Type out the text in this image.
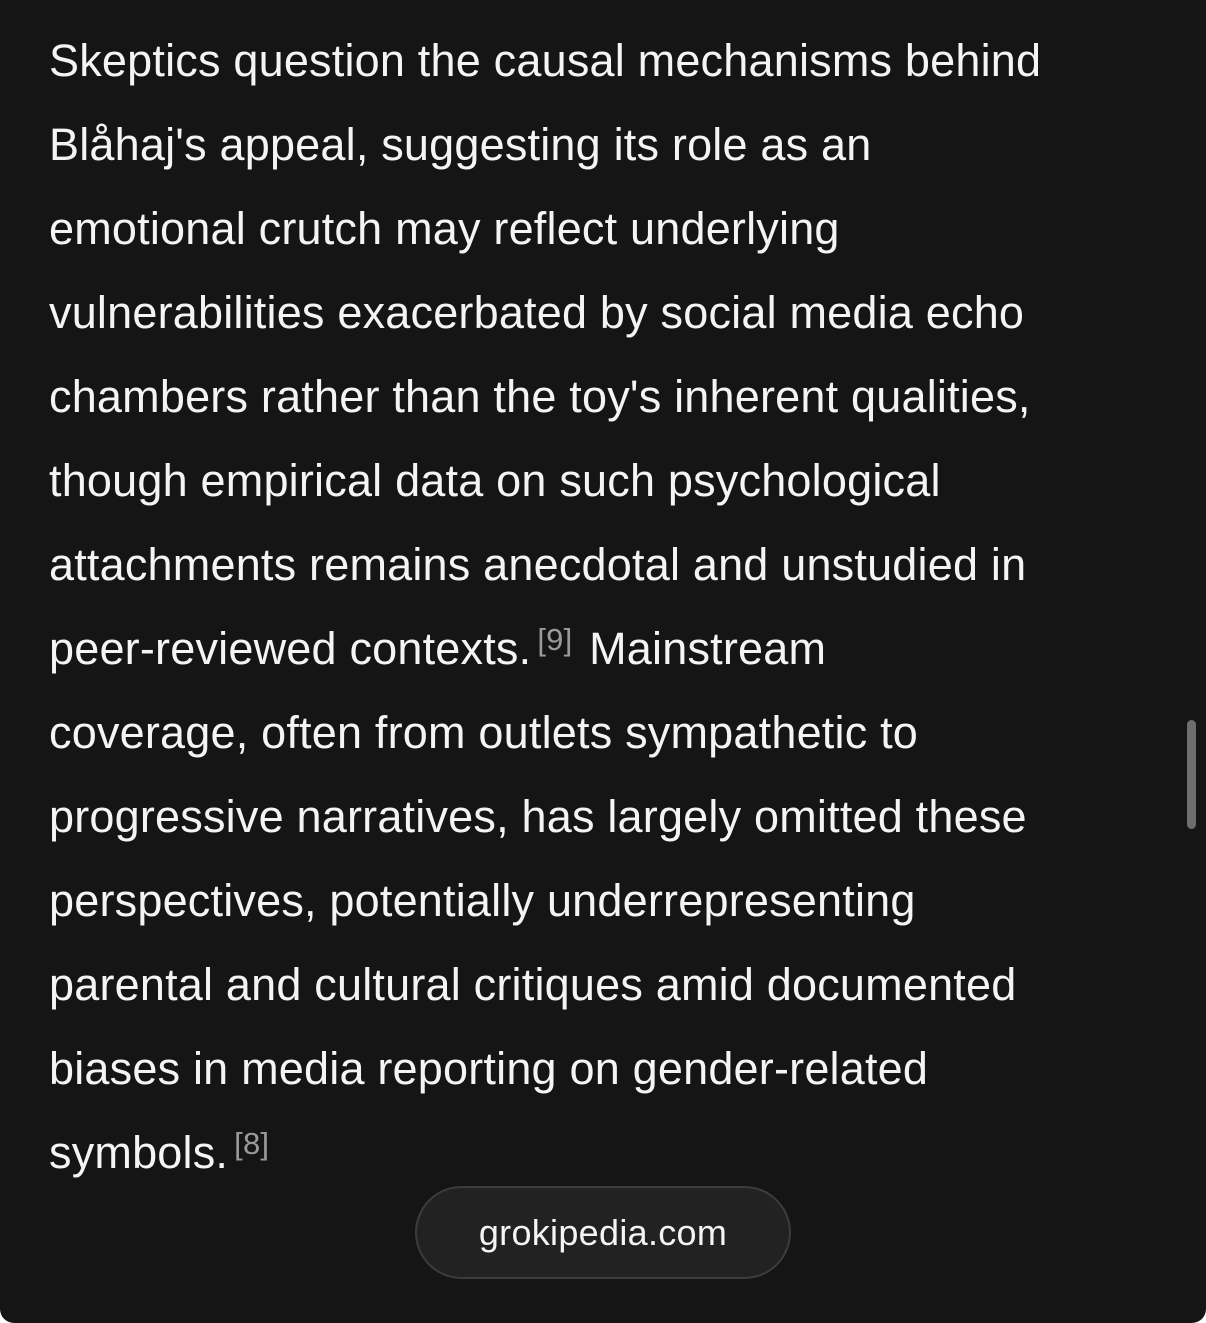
Skeptics question the causal mechanisms behind
Blåhaj's appeal, suggesting its role as an
emotional crutch may reflect underlying
vulnerabilities exacerbated by social media echo
chambers rather than the toy's inherent qualities,
though empirical data on such psychological
attachments remains anecdotal and unstudied in
peer-reviewed contexts. [9] Mainstream
coverage, often from outlets sympathetic to
progressive narratives, has largely omitted these
perspectives, potentially underrepresenting
parental and cultural critiques amid documented
biases in media reporting on gender-related
symbols. [8]

grokipedia.com
